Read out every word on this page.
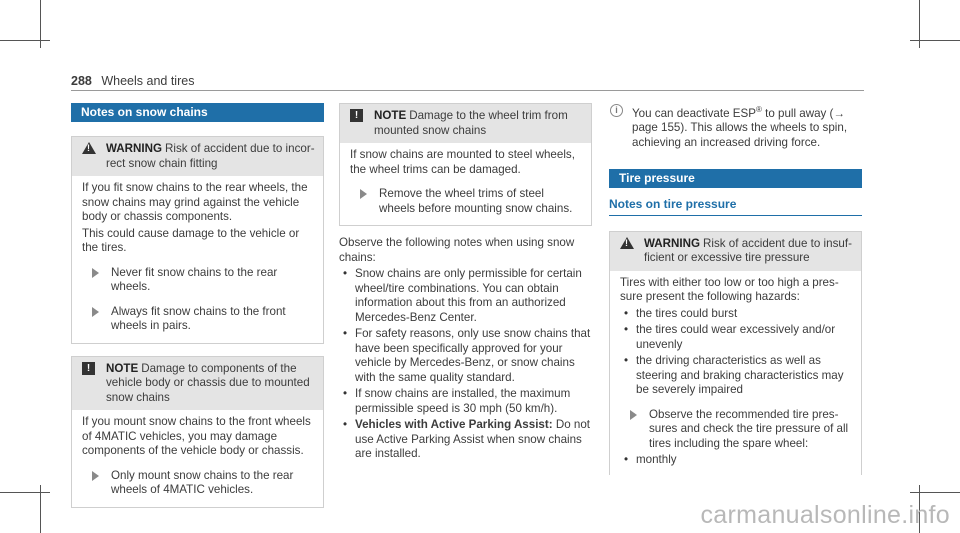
288 Wheels and tires
Notes on snow chains
!
WARNING Risk of accident due to incorrect snow chain fitting

If you fit snow chains to the rear wheels, the snow chains may grind against the vehicle body or chassis components.

This could cause damage to the vehicle or the tires.

Never fit snow chains to the rear wheels.
Always fit snow chains to the front wheels in pairs.
!	NOTE Damage to components of the vehicle body or chassis due to mounted snow chains

If you mount snow chains to the front wheels of 4MATIC vehicles, you may damage components of the vehicle body or chassis.

Only mount snow chains to the rear wheels of 4MATIC vehicles.
!	NOTE Damage to the wheel trim from mounted snow chains

If snow chains are mounted to steel wheels, the wheel trims can be damaged.

Remove the wheel trims of steel wheels before mounting snow chains.

Observe the following notes when using snow chains:

• Snow chains are only permissible for certain wheel/tire combinations. You can obtain information about this from an authorized Mercedes-Benz Center.
• For safety reasons, only use snow chains that have been specifically approved for your vehicle by Mercedes-Benz, or snow chains with the same quality standard.
• If snow chains are installed, the maximum permissible speed is 30 mph (50 km/h).
• Vehicles with Active Parking Assist: Do not use Active Parking Assist when snow chains are installed.
i	You can deactivate ESP® to pull away (→ page 155). This allows the wheels to spin, achieving an increased driving force.
Tire pressure
Notes on tire pressure
!
WARNING Risk of accident due to insufficient or excessive tire pressure

Tires with either too low or too high a pressure present the following hazards:

• the tires could burst
• the tires could wear excessively and/or unevenly
• the driving characteristics as well as steering and braking characteristics may be severely impaired
Observe the recommended tire pressures and check the tire pressure of all tires including the spare wheel:
• monthly
carmanualsonline.info
